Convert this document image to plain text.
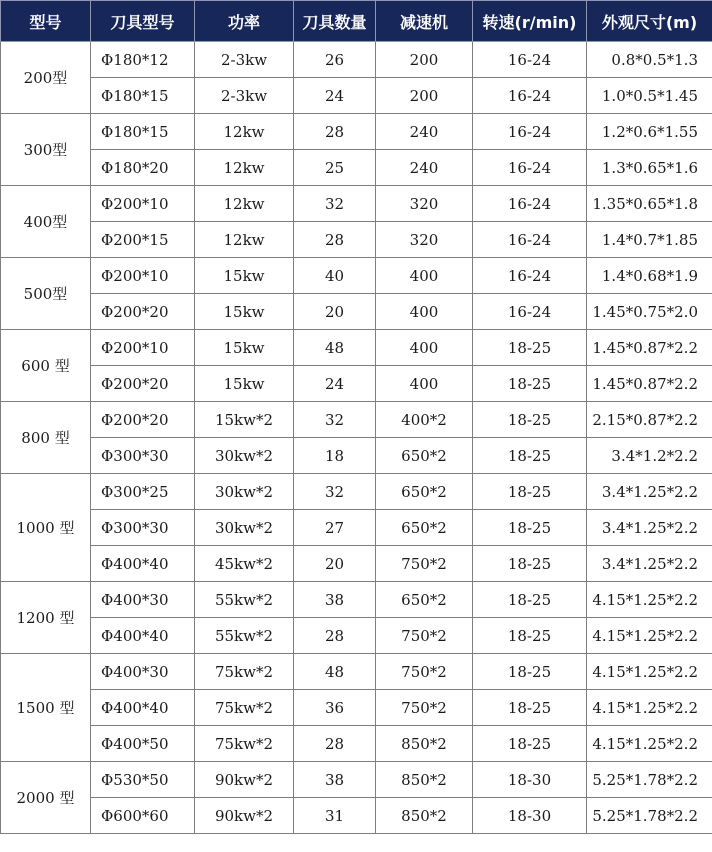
型号	刀具型号	功率	刀具数量	减速机	转速(r/min)	外观尺寸(m)
200型	Φ180*12	2-3kw	26	200	16-24	0.8*0.5*1.3
	Φ180*15	2-3kw	24	200	16-24	1.0*0.5*1.45
300型	Φ180*15	12kw	28	240	16-24	1.2*0.6*1.55
	Φ180*20	12kw	25	240	16-24	1.3*0.65*1.6
400型	Φ200*10	12kw	32	320	16-24	1.35*0.65*1.8
	Φ200*15	12kw	28	320	16-24	1.4*0.7*1.85
500型	Φ200*10	15kw	40	400	16-24	1.4*0.68*1.9
	Φ200*20	15kw	20	400	16-24	1.45*0.75*2.0
600 型	Φ200*10	15kw	48	400	18-25	1.45*0.87*2.2
	Φ200*20	15kw	24	400	18-25	1.45*0.87*2.2
800 型	Φ200*20	15kw*2	32	400*2	18-25	2.15*0.87*2.2
	Φ300*30	30kw*2	18	650*2	18-25	3.4*1.2*2.2
1000 型	Φ300*25	30kw*2	32	650*2	18-25	3.4*1.25*2.2
	Φ300*30	30kw*2	27	650*2	18-25	3.4*1.25*2.2
	Φ400*40	45kw*2	20	750*2	18-25	3.4*1.25*2.2
1200 型	Φ400*30	55kw*2	38	650*2	18-25	4.15*1.25*2.2
	Φ400*40	55kw*2	28	750*2	18-25	4.15*1.25*2.2
1500 型	Φ400*30	75kw*2	48	750*2	18-25	4.15*1.25*2.2
	Φ400*40	75kw*2	36	750*2	18-25	4.15*1.25*2.2
	Φ400*50	75kw*2	28	850*2	18-25	4.15*1.25*2.2
2000 型	Φ530*50	90kw*2	38	850*2	18-30	5.25*1.78*2.2
	Φ600*60	90kw*2	31	850*2	18-30	5.25*1.78*2.2
